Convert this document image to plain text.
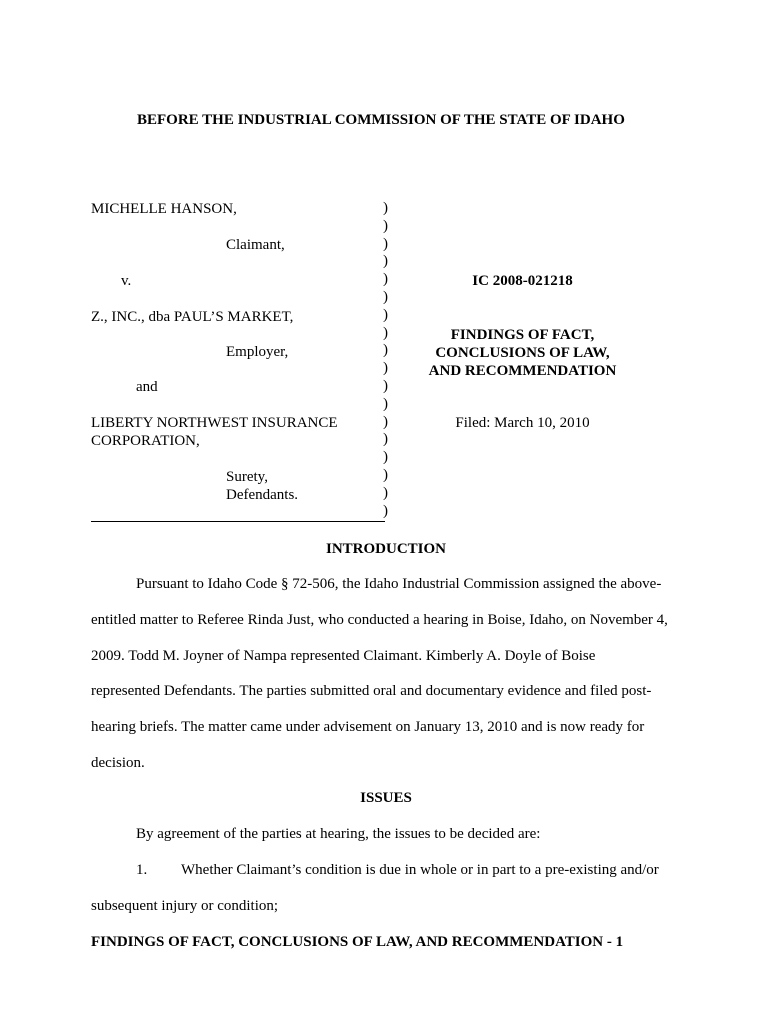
BEFORE THE INDUSTRIAL COMMISSION OF THE STATE OF IDAHO
MICHELLE HANSON,
Claimant,
v.
Z., INC., dba PAUL’S MARKET,
Employer,
and
LIBERTY NORTHWEST INSURANCE
CORPORATION,
Surety,
Defendants.
)
)
)
)
)
)
)
)
)
)
)
)
)
)
)
)
)
)
IC 2008-021218
FINDINGS OF FACT,
CONCLUSIONS OF LAW,
AND RECOMMENDATION
Filed: March 10, 2010
INTRODUCTION
Pursuant to Idaho Code § 72-506, the Idaho Industrial Commission assigned the above-
entitled matter to Referee Rinda Just, who conducted a hearing in Boise, Idaho, on November 4,
2009. Todd M. Joyner of Nampa represented Claimant. Kimberly A. Doyle of Boise
represented Defendants. The parties submitted oral and documentary evidence and filed post-
hearing briefs. The matter came under advisement on January 13, 2010 and is now ready for
decision.
ISSUES
By agreement of the parties at hearing, the issues to be decided are:
1. Whether Claimant’s condition is due in whole or in part to a pre-existing and/or
subsequent injury or condition;
FINDINGS OF FACT, CONCLUSIONS OF LAW, AND RECOMMENDATION - 1
